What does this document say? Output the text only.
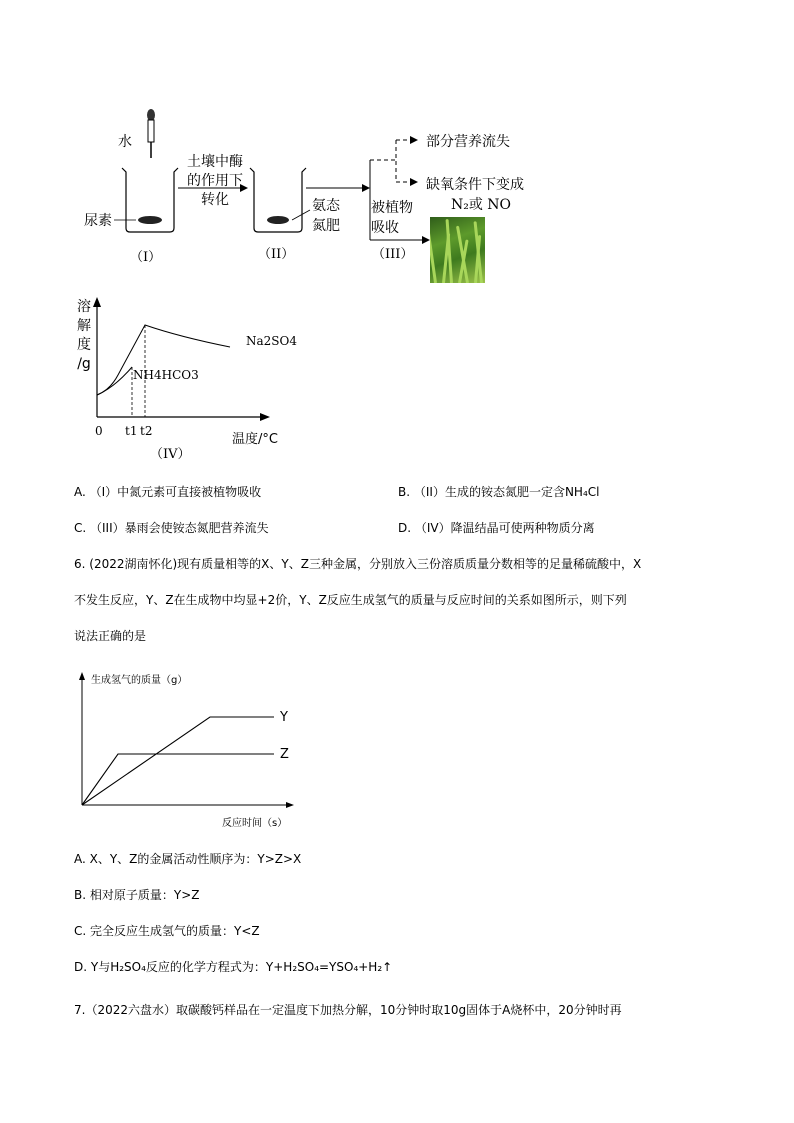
水
尿素
土壤中酶
的作用下
转化	氨态
氮肥
被植物
吸收
部分营养流失
缺氧条件下变成
N₂或 NO
（I）	（II）	（III）
溶
解
度
/g
0 t1 t2
温度/°C
Na2SO4
NH4HCO3
（IV）
A. （I）中氮元素可直接被植物吸收	B. （II）生成的铵态氮肥一定含NH₄Cl
C. （III）暴雨会使铵态氮肥营养流失	D. （IV）降温结晶可使两种物质分离
6. (2022湖南怀化)现有质量相等的X、Y、Z三种金属，分别放入三份溶质质量分数相等的足量稀硫酸中，X
不发生反应，Y、Z在生成物中均显+2价，Y、Z反应生成氢气的质量与反应时间的关系如图所示，则下列
说法正确的是
生成氢气的质量（g）
Y
Z
反应时间（s）
A. X、Y、Z的金属活动性顺序为：Y>Z>X
B. 相对原子质量：Y>Z
C. 完全反应生成氢气的质量：Y<Z
D. Y与H₂SO₄反应的化学方程式为：Y+H₂SO₄=YSO₄+H₂↑
7.（2022六盘水）取碳酸钙样品在一定温度下加热分解，10分钟时取10g固体于A烧杯中，20分钟时再
